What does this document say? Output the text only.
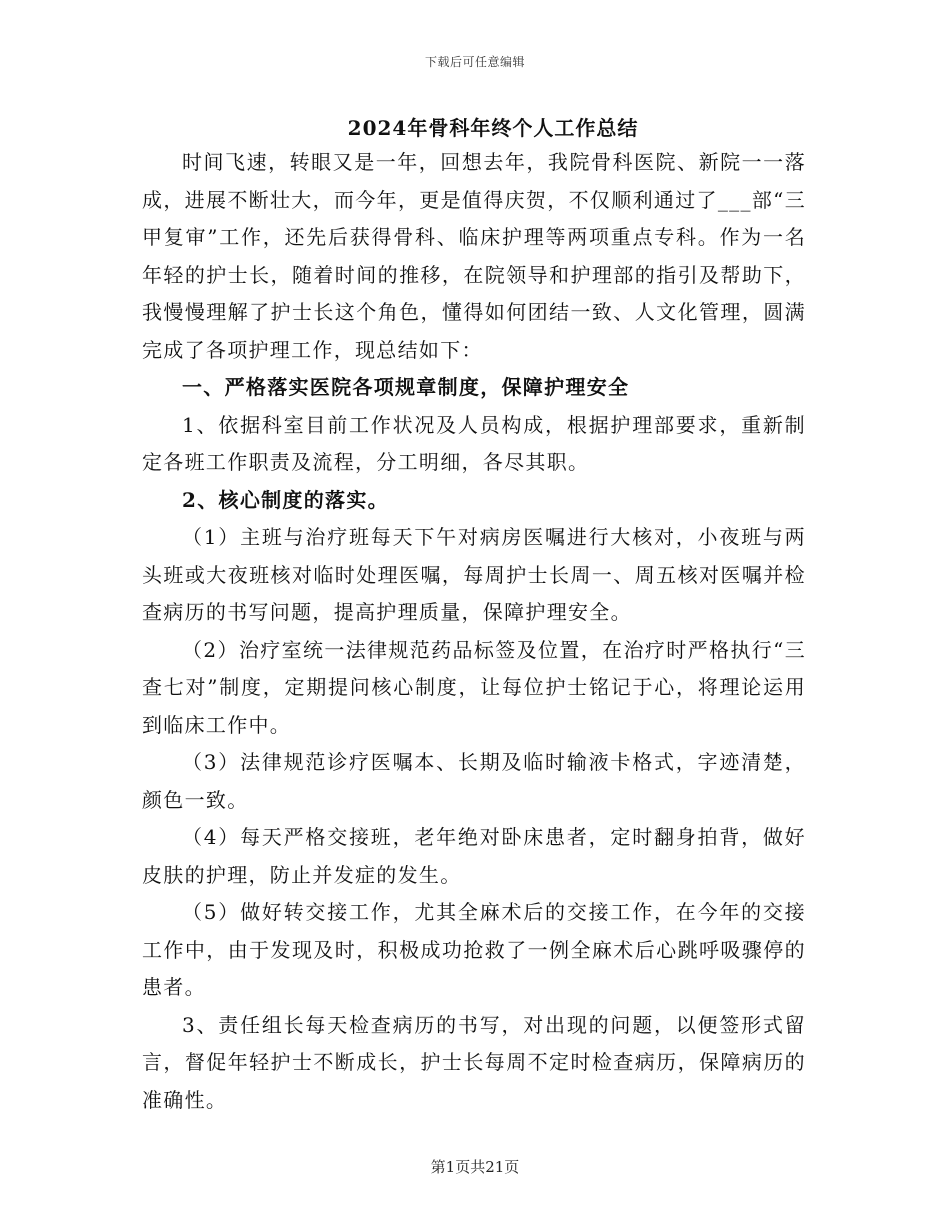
下载后可任意编辑
2024年骨科年终个人工作总结

时间飞速，转眼又是一年，回想去年，我院骨科医院、新院一一落成，进展不断壮大，而今年，更是值得庆贺，不仅顺利通过了___部“三甲复审”工作，还先后获得骨科、临床护理等两项重点专科。作为一名年轻的护士长，随着时间的推移，在院领导和护理部的指引及帮助下，我慢慢理解了护士长这个角色，懂得如何团结一致、人文化管理，圆满完成了各项护理工作，现总结如下：

一、严格落实医院各项规章制度，保障护理安全

1、依据科室目前工作状况及人员构成，根据护理部要求，重新制定各班工作职责及流程，分工明细，各尽其职。

2、核心制度的落实。

（1）主班与治疗班每天下午对病房医嘱进行大核对，小夜班与两头班或大夜班核对临时处理医嘱，每周护士长周一、周五核对医嘱并检查病历的书写问题，提高护理质量，保障护理安全。

（2）治疗室统一法律规范药品标签及位置，在治疗时严格执行“三查七对”制度，定期提问核心制度，让每位护士铭记于心，将理论运用到临床工作中。

（3）法律规范诊疗医嘱本、长期及临时输液卡格式，字迹清楚，颜色一致。

（4）每天严格交接班，老年绝对卧床患者，定时翻身拍背，做好皮肤的护理，防止并发症的发生。

（5）做好转交接工作，尤其全麻术后的交接工作，在今年的交接工作中，由于发现及时，积极成功抢救了一例全麻术后心跳呼吸骤停的患者。

3、责任组长每天检查病历的书写，对出现的问题，以便签形式留言，督促年轻护士不断成长，护士长每周不定时检查病历，保障病历的准确性。

第1页共21页
